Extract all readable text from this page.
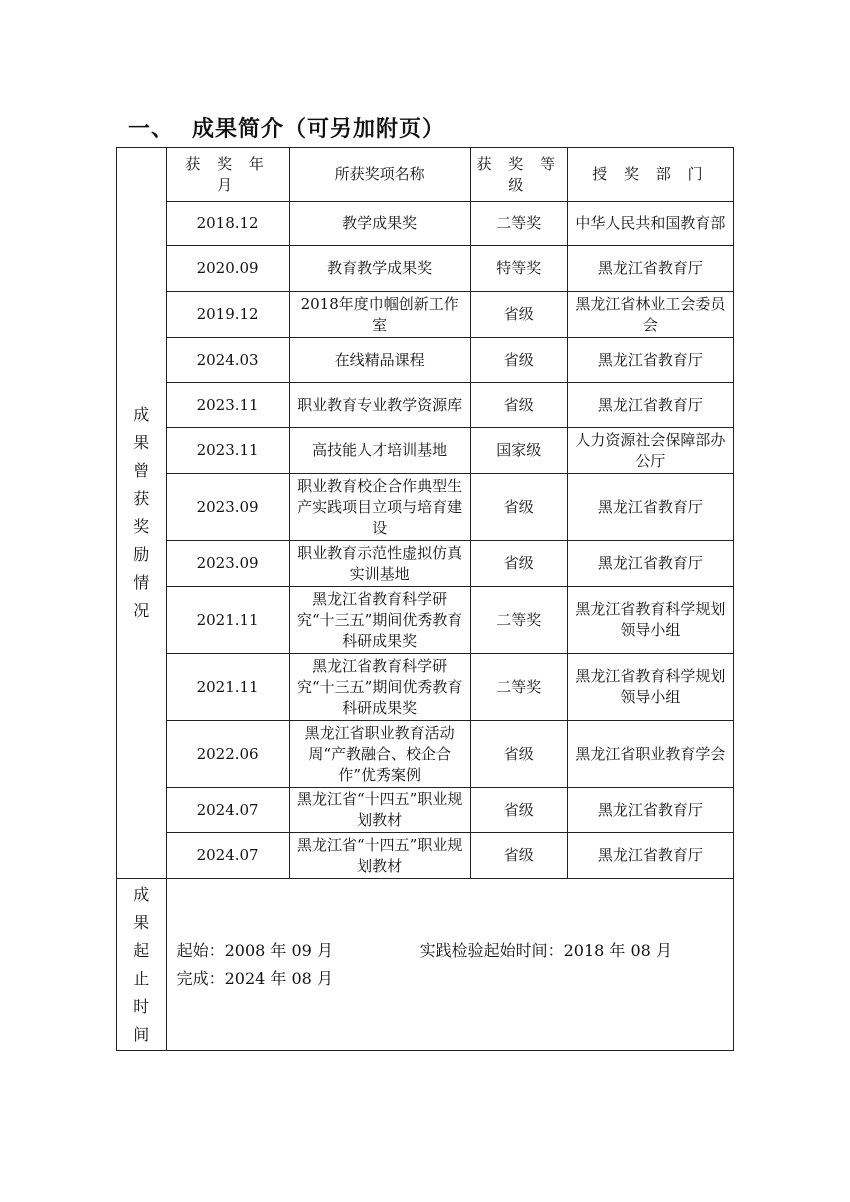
一、 成果简介（可另加附页）
成果曾获奖励情况	获 奖 年 月	所获奖项名称	获 奖 等 级	授 奖 部 门
	2018.12	教学成果奖	二等奖	中华人民共和国教育部
	2020.09	教育教学成果奖	特等奖	黑龙江省教育厅
	2019.12	2018年度巾帼创新工作室	省级	黑龙江省林业工会委员会
	2024.03	在线精品课程	省级	黑龙江省教育厅
	2023.11	职业教育专业教学资源库	省级	黑龙江省教育厅
	2023.11	高技能人才培训基地	国家级	人力资源社会保障部办公厅
	2023.09	职业教育校企合作典型生产实践项目立项与培育建设	省级	黑龙江省教育厅
	2023.09	职业教育示范性虚拟仿真实训基地	省级	黑龙江省教育厅
	2021.11	黑龙江省教育科学研究“十三五”期间优秀教育科研成果奖	二等奖	黑龙江省教育科学规划领导小组
	2021.11	黑龙江省教育科学研究“十三五”期间优秀教育科研成果奖	二等奖	黑龙江省教育科学规划领导小组
	2022.06	黑龙江省职业教育活动周“产教融合、校企合作”优秀案例	省级	黑龙江省职业教育学会
	2024.07	黑龙江省“十四五”职业规划教材	省级	黑龙江省教育厅
	2024.07	黑龙江省“十四五”职业规划教材	省级	黑龙江省教育厅

成果起止时间	起始：2008 年 09 月 实践检验起始时间：2018 年 08 月
完成：2024 年 08 月			
